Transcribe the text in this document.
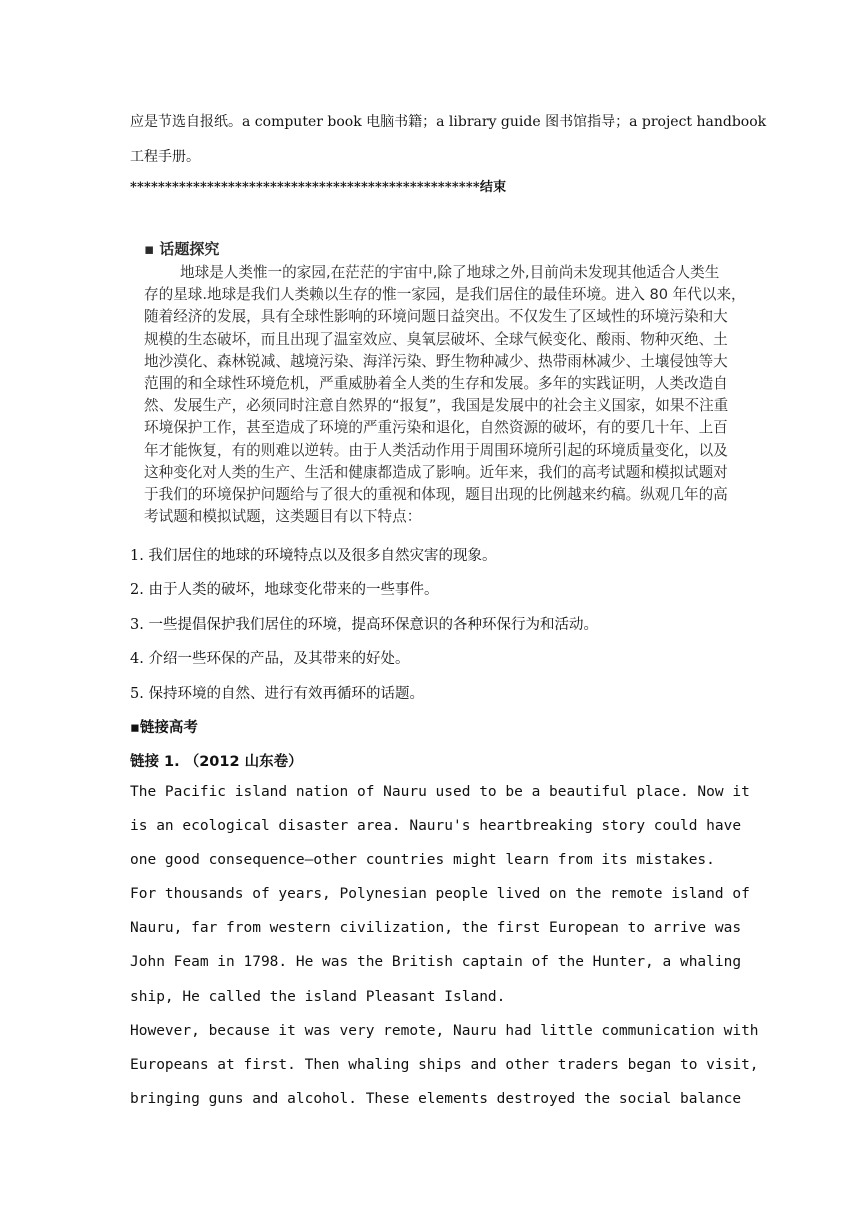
应是节选自报纸。a computer book 电脑书籍；a library guide 图书馆指导；a project handbook
工程手册。
**************************************************结束
▪ 话题探究
地球是人类惟一的家园,在茫茫的宇宙中,除了地球之外,目前尚未发现其他适合人类生
存的星球.地球是我们人类赖以生存的惟一家园，是我们居住的最佳环境。进入 80 年代以来，
随着经济的发展，具有全球性影响的环境问题日益突出。不仅发生了区域性的环境污染和大
规模的生态破坏，而且出现了温室效应、臭氧层破坏、全球气候变化、酸雨、物种灭绝、土
地沙漠化、森林锐减、越境污染、海洋污染、野生物种减少、热带雨林减少、土壤侵蚀等大
范围的和全球性环境危机，严重威胁着全人类的生存和发展。多年的实践证明，人类改造自
然、发展生产，必须同时注意自然界的“报复”，我国是发展中的社会主义国家，如果不注重
环境保护工作，甚至造成了环境的严重污染和退化，自然资源的破坏，有的要几十年、上百
年才能恢复，有的则难以逆转。由于人类活动作用于周围环境所引起的环境质量变化，以及
这种变化对人类的生产、生活和健康都造成了影响。近年来，我们的高考试题和模拟试题对
于我们的环境保护问题给与了很大的重视和体现，题目出现的比例越来约稿。纵观几年的高
考试题和模拟试题，这类题目有以下特点：
1. 我们居住的地球的环境特点以及很多自然灾害的现象。
2. 由于人类的破坏，地球变化带来的一些事件。
3. 一些提倡保护我们居住的环境，提高环保意识的各种环保行为和活动。
4. 介绍一些环保的产品，及其带来的好处。
5. 保持环境的自然、进行有效再循环的话题。
▪链接高考
链接 1. （2012 山东卷）
The Pacific island nation of Nauru used to be a beautiful place. Now it
is an ecological disaster area. Nauru's heartbreaking story could have
one good consequence—other countries might learn from its mistakes.
For thousands of years, Polynesian people lived on the remote island of
Nauru, far from western civilization, the first European to arrive was
John Feam in 1798. He was the British captain of the Hunter, a whaling
ship, He called the island Pleasant Island.
However, because it was very remote, Nauru had little communication with
Europeans at first. Then whaling ships and other traders began to visit,
bringing guns and alcohol. These elements destroyed the social balance
